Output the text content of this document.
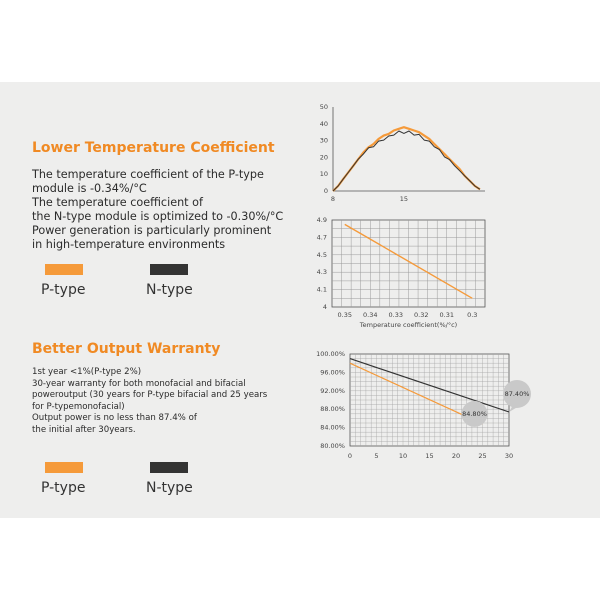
Lower Temperature Coefficient
The temperature coefficient of the P-type
module is -0.34%/°C
The temperature coefficient of
the N-type module is optimized to -0.30%/°C
Power generation is particularly prominent
in high-temperature environments
P-type	N-type
Better Output Warranty
1st year <1%(P-type 2%)
30-year warranty for both monofacial and bifacial
poweroutput (30 years for P-type bifacial and 25 years
for P-typemonofacial)
Output power is no less than 87.4% of
the initial after 30years.
P-type	N-type
0
10
20
30
40
50
8	15
4
4.1
4.3
4.5
4.7
4.9
0.35 0.34 0.33 0.32 0.31 0.3
Temperature coefficient(%/°c)
80.00%
84.00%
88.00%
92.00%
96.00%
100.00%
0	5	10	15	20	25	30
84.80%
87.40%
